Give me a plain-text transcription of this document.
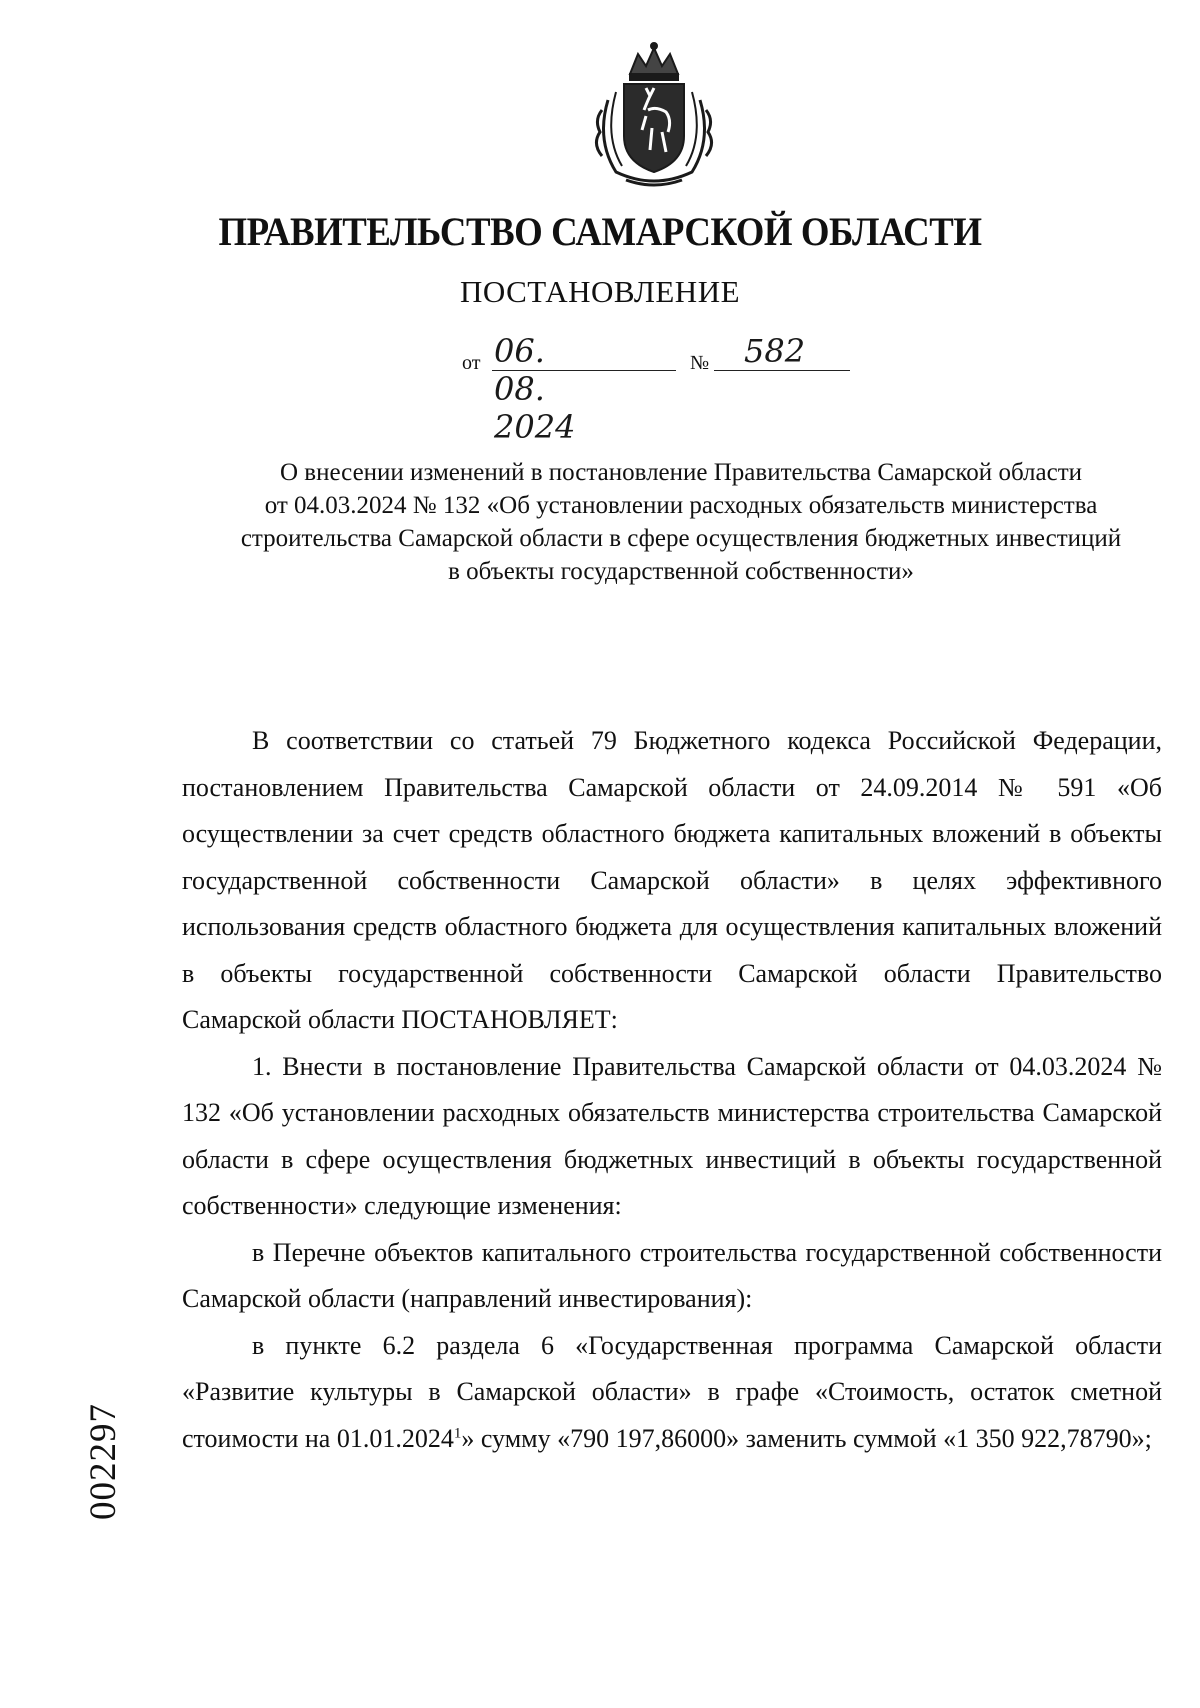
ПРАВИТЕЛЬСТВО САМАРСКОЙ ОБЛАСТИ
ПОСТАНОВЛЕНИЕ
от 06. 08. 2024
№ 582
О внесении изменений в постановление Правительства Самарской области
от 04.03.2024 № 132 «Об установлении расходных обязательств министерства
строительства Самарской области в сфере осуществления бюджетных инвестиций
в объекты государственной собственности»

В соответствии со статьей 79 Бюджетного кодекса Российской Федерации, постановлением Правительства Самарской области от 24.09.2014 № 591 «Об осуществлении за счет средств областного бюджета капитальных вложений в объекты государственной собственности Самарской области» в целях эффективного использования средств областного бюджета для осуществления капитальных вложений в объекты государственной собственности Самарской области Правительство Самарской области ПОСТАНОВЛЯЕТ:

1. Внести в постановление Правительства Самарской области от 04.03.2024 № 132 «Об установлении расходных обязательств министерства строительства Самарской области в сфере осуществления бюджетных инвестиций в объекты государственной собственности» следующие изменения:

в Перечне объектов капитального строительства государственной собственности Самарской области (направлений инвестирования):

в пункте 6.2 раздела 6 «Государственная программа Самарской области «Развитие культуры в Самарской области» в графе «Стоимость, остаток сметной стоимости на 01.01.2024$^1$» сумму «790 197,86000» заменить суммой «1 350 922,78790»;

002297
